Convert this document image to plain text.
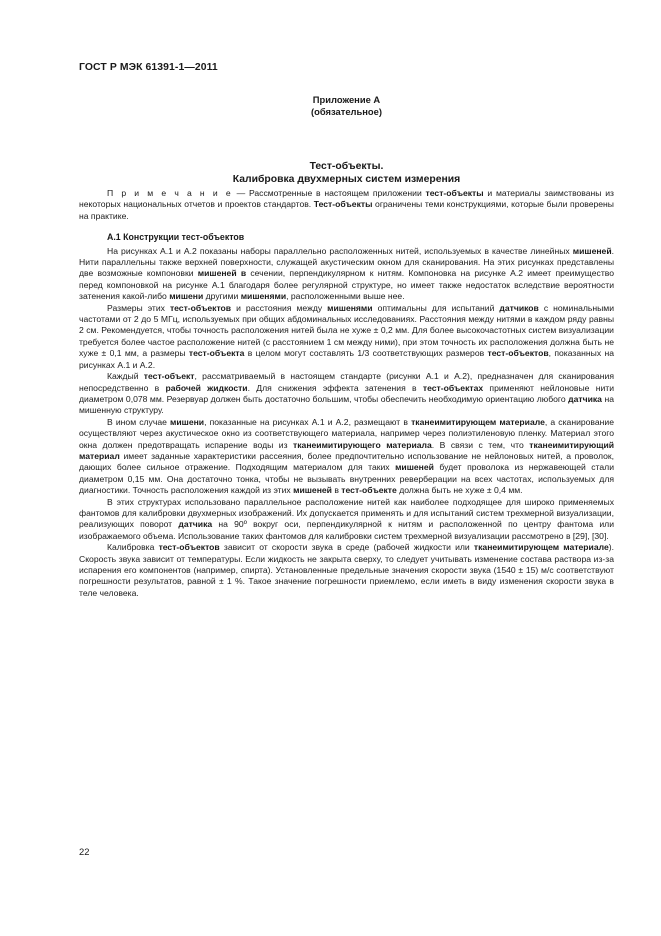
ГОСТ Р МЭК 61391-1—2011
Приложение А
(обязательное)
Тест-объекты.
Калибровка двухмерных систем измерения

П р и м е ч а н и е — Рассмотренные в настоящем приложении тест-объекты и материалы заимствованы из некоторых национальных отчетов и проектов стандартов. Тест-объекты ограничены теми конструкциями, которые были проверены на практике.

А.1 Конструкции тест-объектов

На рисунках А.1 и А.2 показаны наборы параллельно расположенных нитей, используемых в качестве линейных мишеней. Нити параллельны также верхней поверхности, служащей акустическим окном для сканирования. На этих рисунках представлены две возможные компоновки мишеней в сечении, перпендикулярном к нитям. Компоновка на рисунке А.2 имеет преимущество перед компоновкой на рисунке А.1 благодаря более регулярной структуре, но имеет также недостаток вследствие вероятности затенения какой-либо мишени другими мишенями, расположенными выше нее.

Размеры этих тест-объектов и расстояния между мишенями оптимальны для испытаний датчиков с номинальными частотами от 2 до 5 МГц, используемых при общих абдоминальных исследованиях. Расстояния между нитями в каждом ряду равны 2 см. Рекомендуется, чтобы точность расположения нитей была не хуже ± 0,2 мм. Для более высокочастотных систем визуализации требуется более частое расположение нитей (с расстоянием 1 см между ними), при этом точность их расположения должна быть не хуже ± 0,1 мм, а размеры тест-объекта в целом могут составлять 1/3 соответствующих размеров тест-объектов, показанных на рисунках А.1 и А.2.

Каждый тест-объект, рассматриваемый в настоящем стандарте (рисунки А.1 и А.2), предназначен для сканирования непосредственно в рабочей жидкости. Для снижения эффекта затенения в тест-объектах применяют нейлоновые нити диаметром 0,078 мм. Резервуар должен быть достаточно большим, чтобы обеспечить необходимую ориентацию любого датчика на мишенную структуру.

В ином случае мишени, показанные на рисунках А.1 и А.2, размещают в тканеимитирующем материале, а сканирование осуществляют через акустическое окно из соответствующего материала, например через полиэтиленовую пленку. Материал этого окна должен предотвращать испарение воды из тканеимитирующего материала. В связи с тем, что тканеимитирующий материал имеет заданные характеристики рассеяния, более предпочтительно использование не нейлоновых нитей, а проволок, дающих более сильное отражение. Подходящим материалом для таких мишеней будет проволока из нержавеющей стали диаметром 0,15 мм. Она достаточно тонка, чтобы не вызывать внутренних реверберации на всех частотах, используемых для диагностики. Точность расположения каждой из этих мишеней в тест-объекте должна быть не хуже ± 0,4 мм.

В этих структурах использовано параллельное расположение нитей как наиболее подходящее для широко применяемых фантомов для калибровки двухмерных изображений. Их допускается применять и для испытаний систем трехмерной визуализации, реализующих поворот датчика на 90º вокруг оси, перпендикулярной к нитям и расположенной по центру фантома или изображаемого объема. Использование таких фантомов для калибровки систем трехмерной визуализации рассмотрено в [29], [30].

Калибровка тест-объектов зависит от скорости звука в среде (рабочей жидкости или тканеимитирующем материале). Скорость звука зависит от температуры. Если жидкость не закрыта сверху, то следует учитывать изменение состава раствора из-за испарения его компонентов (например, спирта). Установленные предельные значения скорости звука (1540 ± 15) м/с соответствуют погрешности результатов, равной ± 1 %. Такое значение погрешности приемлемо, если иметь в виду изменения скорости звука в теле человека.

22
